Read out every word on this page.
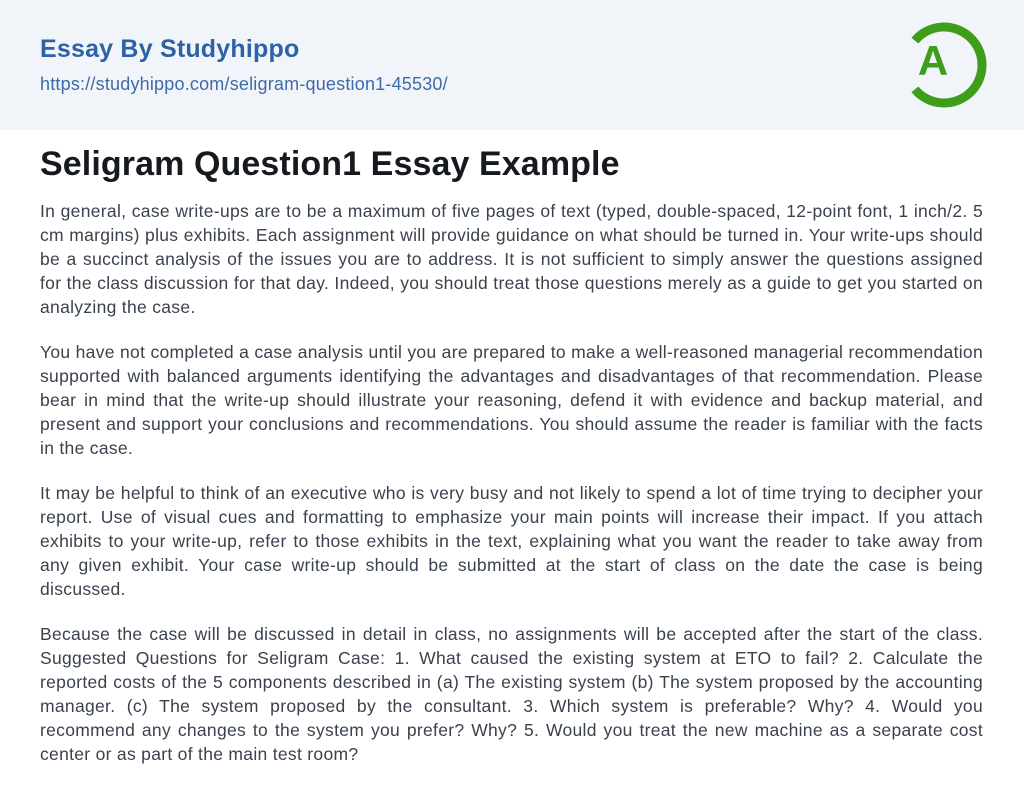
Essay By Studyhippo
https://studyhippo.com/seligram-question1-45530/	A
Seligram Question1 Essay Example

In general, case write-ups are to be a maximum of five pages of text (typed, double-spaced, 12-point font, 1 inch/2. 5 cm margins) plus exhibits. Each assignment will provide guidance on what should be turned in. Your write-ups should be a succinct analysis of the issues you are to address. It is not sufficient to simply answer the questions assigned for the class discussion for that day. Indeed, you should treat those questions merely as a guide to get you started on analyzing the case.

You have not completed a case analysis until you are prepared to make a well-reasoned managerial recommendation supported with balanced arguments identifying the advantages and disadvantages of that recommendation. Please bear in mind that the write-up should illustrate your reasoning, defend it with evidence and backup material, and present and support your conclusions and recommendations. You should assume the reader is familiar with the facts in the case.

It may be helpful to think of an executive who is very busy and not likely to spend a lot of time trying to decipher your report. Use of visual cues and formatting to emphasize your main points will increase their impact. If you attach exhibits to your write-up, refer to those exhibits in the text, explaining what you want the reader to take away from any given exhibit. Your case write-up should be submitted at the start of class on the date the case is being discussed.

Because the case will be discussed in detail in class, no assignments will be accepted after the start of the class. Suggested Questions for Seligram Case: 1. What caused the existing system at ETO to fail? 2. Calculate the reported costs of the 5 components described in (a) The existing system (b) The system proposed by the accounting manager. (c) The system proposed by the consultant. 3. Which system is preferable? Why? 4. Would you recommend any changes to the system you prefer? Why? 5. Would you treat the new machine as a separate cost center or as part of the main test room?
